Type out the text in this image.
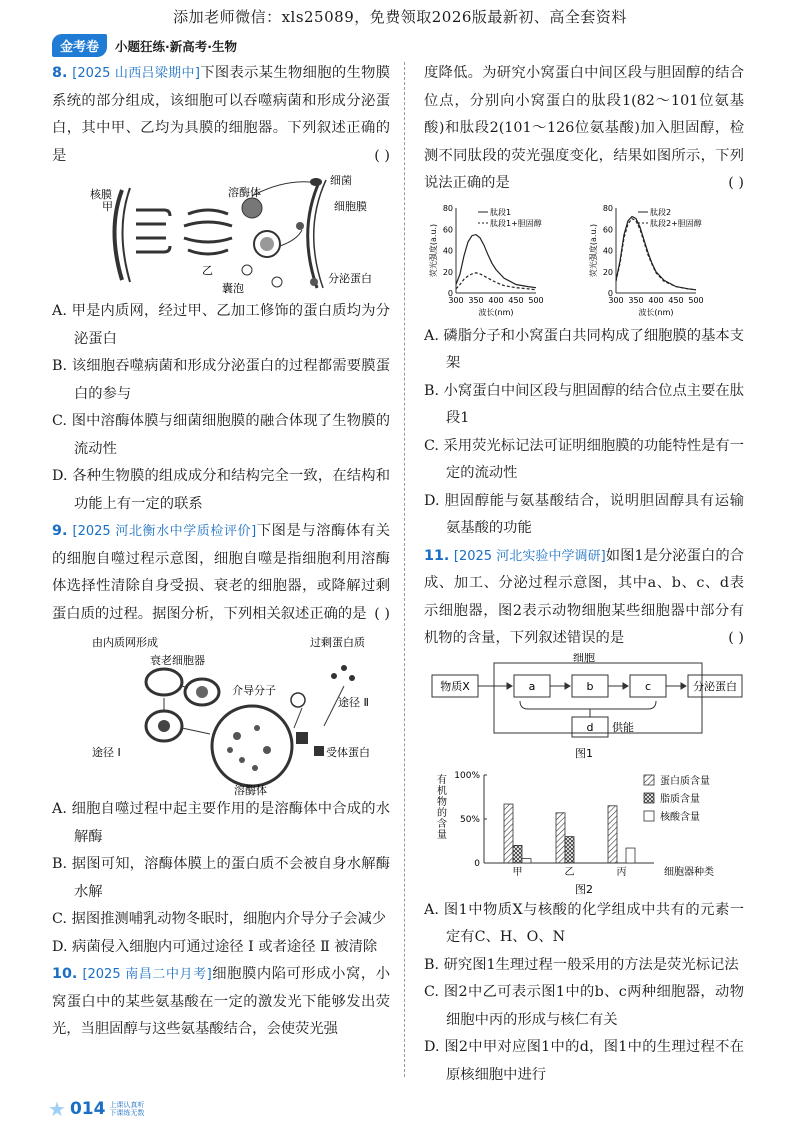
添加老师微信：xls25089，免费领取2026版最新初、高全套资料
金考卷	小题狂练·新高考·生物

8. [2025 山西吕梁期中]下图表示某生物细胞的生物膜系统的部分组成，该细胞可以吞噬病菌和形成分泌蛋白，其中甲、乙均为具膜的细胞器。下列叙述正确的是	( )

核膜
甲
溶酶体
细菌
细胞膜
乙
囊泡
分泌蛋白

A. 甲是内质网，经过甲、乙加工修饰的蛋白质均为分泌蛋白

B. 该细胞吞噬病菌和形成分泌蛋白的过程都需要膜蛋白的参与

C. 图中溶酶体膜与细菌细胞膜的融合体现了生物膜的流动性

D. 各种生物膜的组成成分和结构完全一致，在结构和功能上有一定的联系

9. [2025 河北衡水中学质检评价]下图是与溶酶体有关的细胞自噬过程示意图，细胞自噬是指细胞利用溶酶体选择性清除自身受损、衰老的细胞器，或降解过剩蛋白质的过程。据图分析，下列相关叙述正确的是 ( )

由内质网形成
衰老细胞器
途径 Ⅰ
介导分子
过剩蛋白质
途径 Ⅱ
受体蛋白
溶酶体

A. 细胞自噬过程中起主要作用的是溶酶体中合成的水解酶

B. 据图可知，溶酶体膜上的蛋白质不会被自身水解酶水解

C. 据图推测哺乳动物冬眠时，细胞内介导分子会减少

D. 病菌侵入细胞内可通过途径 Ⅰ 或者途径 Ⅱ 被清除

10. [2025 南昌二中月考]细胞膜内陷可形成小窝，小窝蛋白中的某些氨基酸在一定的激发光下能够发出荧光，当胆固醇与这些氨基酸结合，会使荧光强

度降低。为研究小窝蛋白中间区段与胆固醇的结合位点，分别向小窝蛋白的肽段1(82～101位氨基酸)和肽段2(101～126位氨基酸)加入胆固醇，检测不同肽段的荧光强度变化，结果如图所示，下列说法正确的是	( )

0
20
40
60
80
300 350 400 450 500
波长(nm)
荧光强度(a.u.)
肽段1
肽段1+胆固醇
0
20
40
60
80
300 350 400 450 500
波长(nm)
荧光强度(a.u.)
肽段2
肽段2+胆固醇

A. 磷脂分子和小窝蛋白共同构成了细胞膜的基本支架

B. 小窝蛋白中间区段与胆固醇的结合位点主要在肽段1

C. 采用荧光标记法可证明细胞膜的功能特性是有一定的流动性

D. 胆固醇能与氨基酸结合，说明胆固醇具有运输氨基酸的功能

11. [2025 河北实验中学调研]如图1是分泌蛋白的合成、加工、分泌过程示意图，其中a、b、c、d表示细胞器，图2表示动物细胞某些细胞器中部分有机物的含量，下列叙述错误的是	( )

细胞
物质X	a	b	c	分泌蛋白
d 供能
图1
0
50%
100%
有机物的含量
甲	乙	丙	细胞器种类
蛋白质含量
脂质含量
核酸含量
图2

A. 图1中物质X与核酸的化学组成中共有的元素一定有C、H、O、N

B. 研究图1生理过程一般采用的方法是荧光标记法

C. 图2中乙可表示图1中的b、c两种细胞器，动物细胞中丙的形成与核仁有关

D. 图2中甲对应图1中的d，图1中的生理过程不在原核细胞中进行

★ 014 上课认真听 下课练无数
